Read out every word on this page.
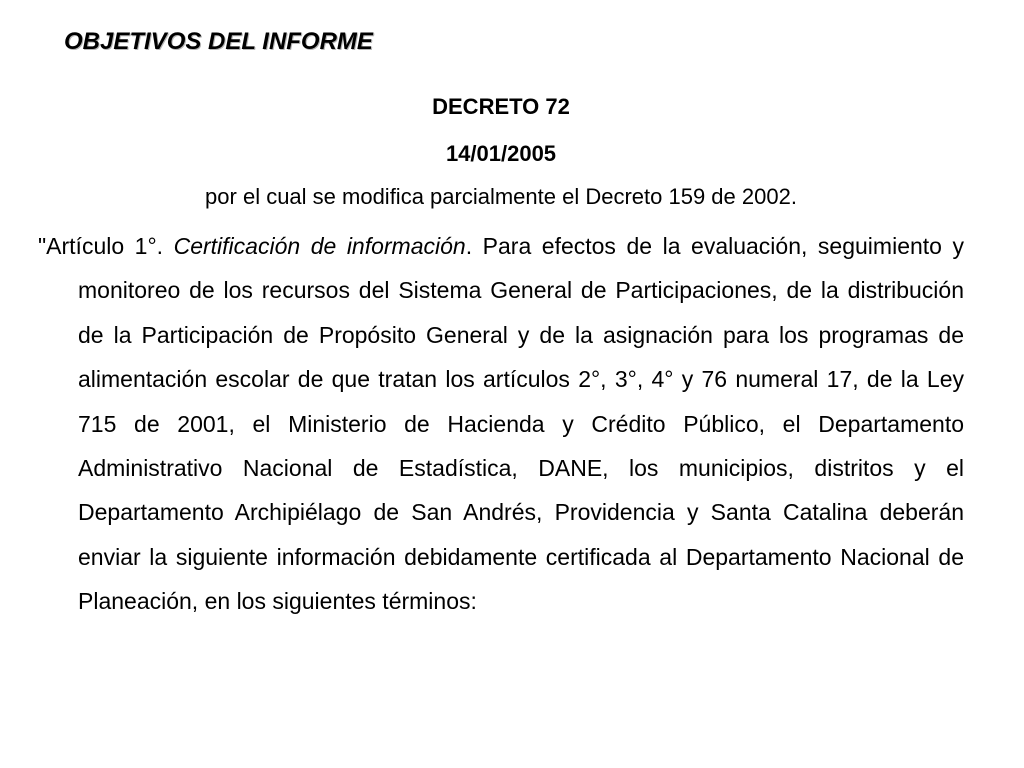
OBJETIVOS DEL INFORME
DECRETO 72
14/01/2005
por el cual se modifica parcialmente el Decreto 159 de 2002.
"Artículo 1°. Certificación de información. Para efectos de la evaluación, seguimiento y monitoreo de los recursos del Sistema General de Participaciones, de la distribución de la Participación de Propósito General y de la asignación para los programas de alimentación escolar de que tratan los artículos 2°, 3°, 4° y 76 numeral 17, de la Ley 715 de 2001, el Ministerio de Hacienda y Crédito Público, el Departamento Administrativo Nacional de Estadística, DANE, los municipios, distritos y el Departamento Archipiélago de San Andrés, Providencia y Santa Catalina deberán enviar la siguiente información debidamente certificada al Departamento Nacional de Planeación, en los siguientes términos:
